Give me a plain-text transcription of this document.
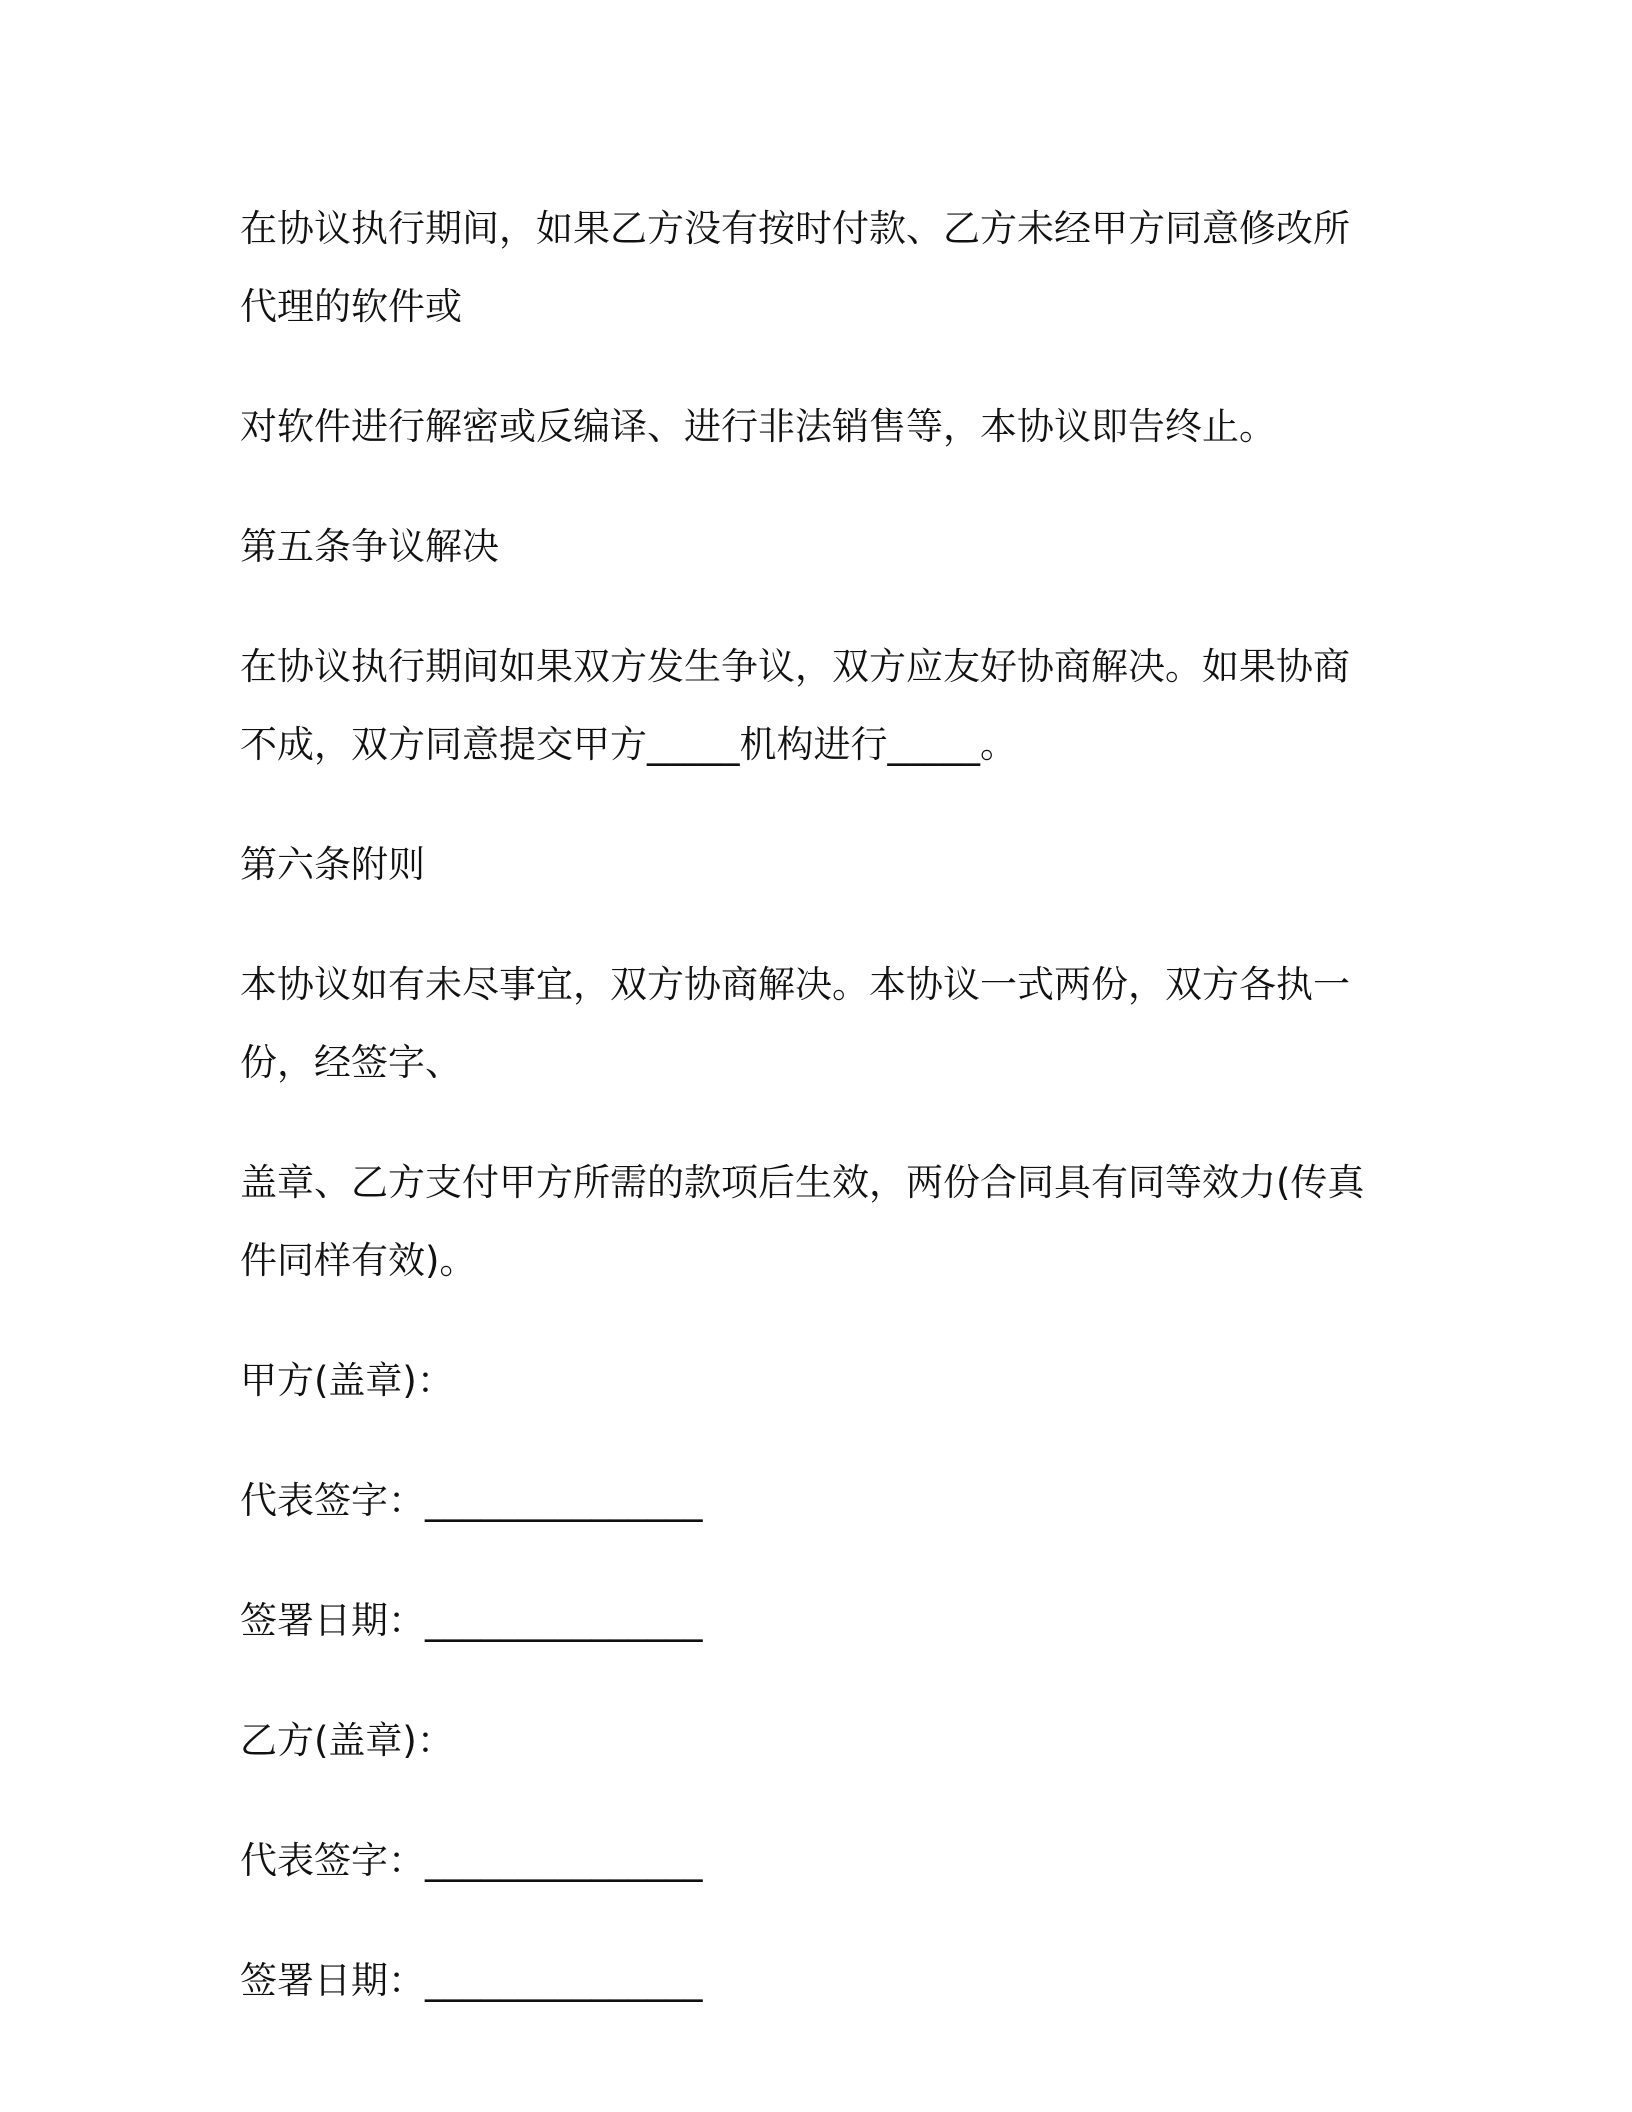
在协议执行期间，如果乙方没有按时付款、乙方未经甲方同意修改所
代理的软件或
对软件进行解密或反编译、进行非法销售等，本协议即告终止。
第五条争议解决
在协议执行期间如果双方发生争议，双方应友好协商解决。如果协商
不成，双方同意提交甲方_____机构进行_____。
第六条附则
本协议如有未尽事宜，双方协商解决。本协议一式两份，双方各执一
份，经签字、
盖章、乙方支付甲方所需的款项后生效，两份合同具有同等效力(传真
件同样有效)。
甲方(盖章)：
代表签字：_______________
签署日期：_______________
乙方(盖章)：
代表签字：_______________
签署日期：_______________
